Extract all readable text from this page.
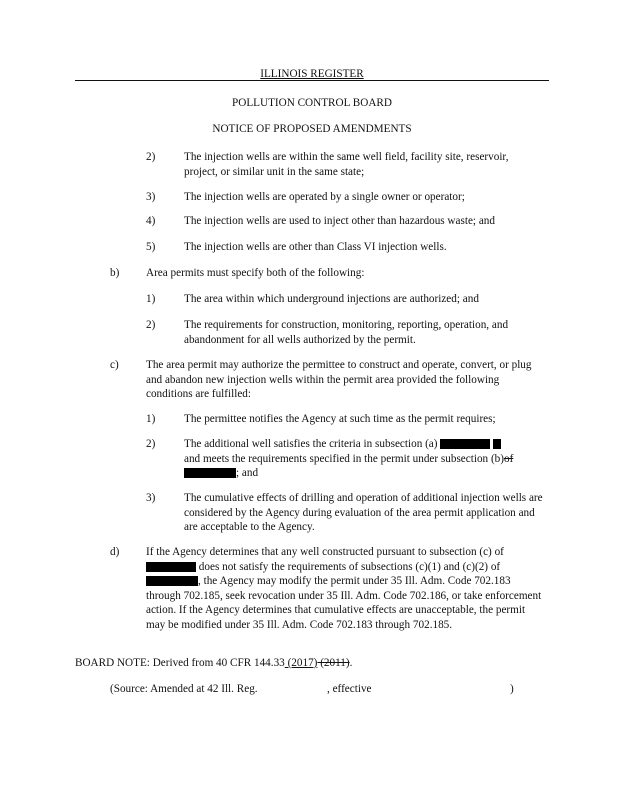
ILLINOIS REGISTER
POLLUTION CONTROL BOARD
NOTICE OF PROPOSED AMENDMENTS
2)	The injection wells are within the same well field, facility site, reservoir, project, or similar unit in the same state;
3)	The injection wells are operated by a single owner or operator;
4)	The injection wells are used to inject other than hazardous waste; and
5)	The injection wells are other than Class VI injection wells.
b) Area permits must specify both of the following:
1)	The area within which underground injections are authorized; and
2)	The requirements for construction, monitoring, reporting, operation, and abandonment for all wells authorized by the permit.
c) The area permit may authorize the permittee to construct and operate, convert, or plug and abandon new injection wells within the permit area provided the following conditions are fulfilled:
1)	The permittee notifies the Agency at such time as the permit requires;
2)	The additional well satisfies the criteria in subsection (a)
and meets the requirements specified in the permit under subsection (b)of
; and
3)	The cumulative effects of drilling and operation of additional injection wells are considered by the Agency during evaluation of the area permit application and are acceptable to the Agency.
d) If the Agency determines that any well constructed pursuant to subsection (c) of
does not satisfy the requirements of subsections (c)(1) and (c)(2) of
, the Agency may modify the permit under 35 Ill. Adm. Code 702.183 through 702.185, seek revocation under 35 Ill. Adm. Code 702.186, or take enforcement action. If the Agency determines that cumulative effects are unacceptable, the permit may be modified under 35 Ill. Adm. Code 702.183 through 702.185.
BOARD NOTE: Derived from 40 CFR 144.33 (2017) (2011).
(Source: Amended at 42 Ill. Reg.	, effective	)
